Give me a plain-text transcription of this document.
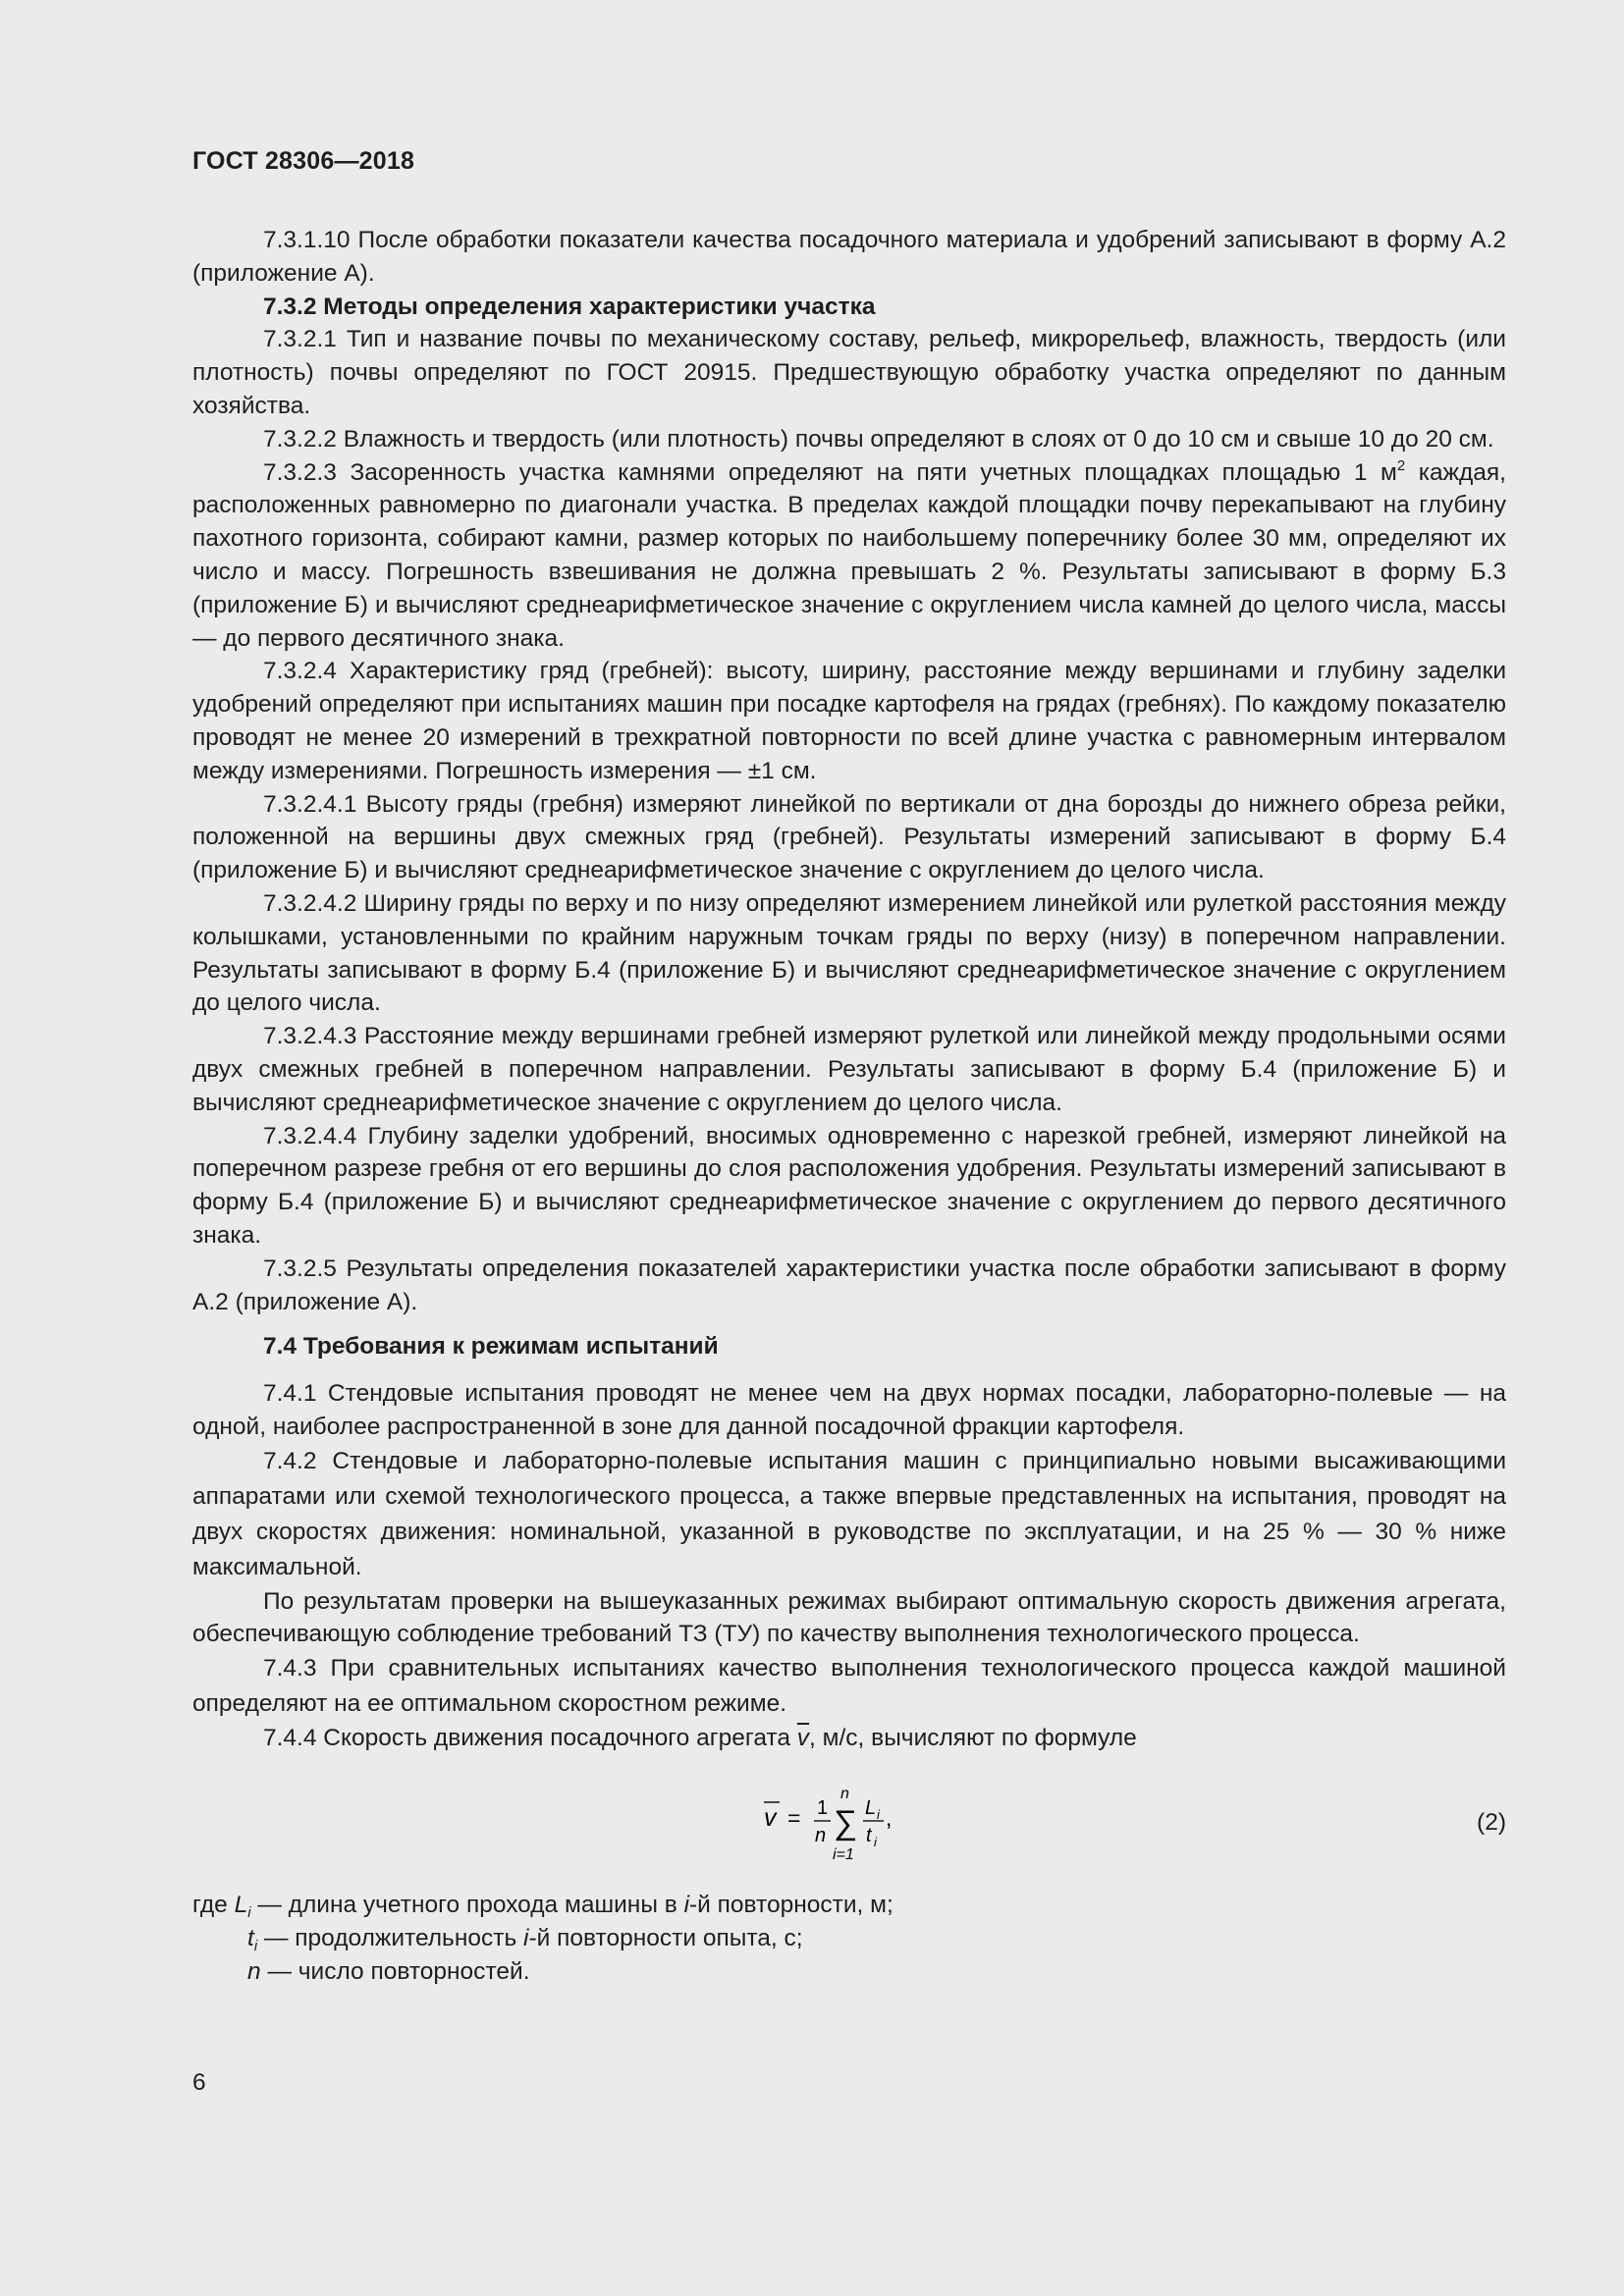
ГОСТ 28306—2018

7.3.1.10 После обработки показатели качества посадочного материала и удобрений записывают в форму А.2 (приложение А).

7.3.2 Методы определения характеристики участка

7.3.2.1 Тип и название почвы по механическому составу, рельеф, микрорельеф, влажность, твердость (или плотность) почвы определяют по ГОСТ 20915. Предшествующую обработку участка определяют по данным хозяйства.

7.3.2.2 Влажность и твердость (или плотность) почвы определяют в слоях от 0 до 10 см и свыше 10 до 20 см.

7.3.2.3 Засоренность участка камнями определяют на пяти учетных площадках площадью 1 $м^2$ каждая, расположенных равномерно по диагонали участка. В пределах каждой площадки почву перекапывают на глубину пахотного горизонта, собирают камни, размер которых по наибольшему поперечнику более 30 мм, определяют их число и массу. Погрешность взвешивания не должна превышать 2 %. Результаты записывают в форму Б.3 (приложение Б) и вычисляют среднеарифметическое значение с округлением числа камней до целого числа, массы — до первого десятичного знака.

7.3.2.4 Характеристику гряд (гребней): высоту, ширину, расстояние между вершинами и глубину заделки удобрений определяют при испытаниях машин при посадке картофеля на грядах (гребнях). По каждому показателю проводят не менее 20 измерений в трехкратной повторности по всей длине участка с равномерным интервалом между измерениями. Погрешность измерения — ±1 см.

7.3.2.4.1 Высоту гряды (гребня) измеряют линейкой по вертикали от дна борозды до нижнего обреза рейки, положенной на вершины двух смежных гряд (гребней). Результаты измерений записывают в форму Б.4 (приложение Б) и вычисляют среднеарифметическое значение с округлением до целого числа.

7.3.2.4.2 Ширину гряды по верху и по низу определяют измерением линейкой или рулеткой расстояния между колышками, установленными по крайним наружным точкам гряды по верху (низу) в поперечном направлении. Результаты записывают в форму Б.4 (приложение Б) и вычисляют среднеарифметическое значение с округлением до целого числа.

7.3.2.4.3 Расстояние между вершинами гребней измеряют рулеткой или линейкой между продольными осями двух смежных гребней в поперечном направлении. Результаты записывают в форму Б.4 (приложение Б) и вычисляют среднеарифметическое значение с округлением до целого числа.

7.3.2.4.4 Глубину заделки удобрений, вносимых одновременно с нарезкой гребней, измеряют линейкой на поперечном разрезе гребня от его вершины до слоя расположения удобрения. Результаты измерений записывают в форму Б.4 (приложение Б) и вычисляют среднеарифметическое значение с округлением до первого десятичного знака.

7.3.2.5 Результаты определения показателей характеристики участка после обработки записывают в форму А.2 (приложение А).

7.4 Требования к режимам испытаний

7.4.1 Стендовые испытания проводят не менее чем на двух нормах посадки, лабораторно-полевые — на одной, наиболее распространенной в зоне для данной посадочной фракции картофеля.

7.4.2 Стендовые и лабораторно-полевые испытания машин с принципиально новыми высаживающими аппаратами или схемой технологического процесса, а также впервые представленных на испытания, проводят на двух скоростях движения: номинальной, указанной в руководстве по эксплуатации, и на 25 % — 30 % ниже максимальной.

По результатам проверки на вышеуказанных режимах выбирают оптимальную скорость движения агрегата, обеспечивающую соблюдение требований ТЗ (ТУ) по качеству выполнения технологического процесса.

7.4.3 При сравнительных испытаниях качество выполнения технологического процесса каждой машиной определяют на ее оптимальном скоростном режиме.

7.4.4 Скорость движения посадочного агрегата $\overline{v}$, м/с, вычисляют по формуле

v = 1
n
n
∑
i=1
L i
t i
,	(2)

где $L_i$ — длина учетного прохода машины в i-й повторности, м;

$t_i$ — продолжительность i-й повторности опыта, с;

n — число повторностей.

6
